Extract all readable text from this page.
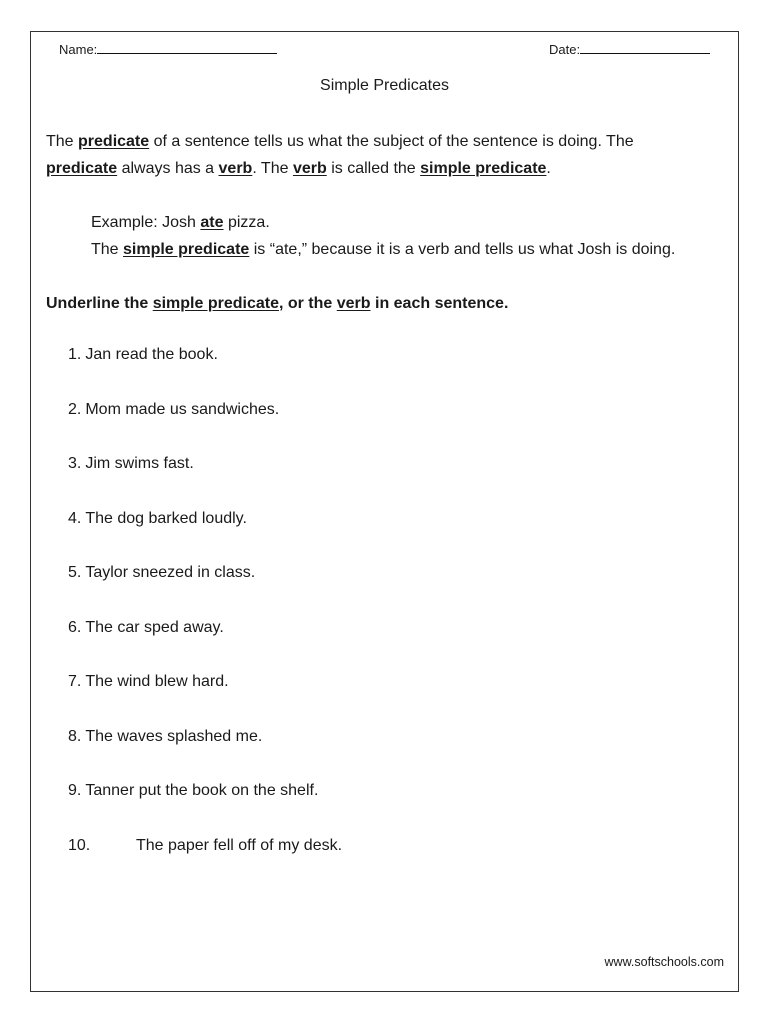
Name:	Date:
Simple Predicates
The predicate of a sentence tells us what the subject of the sentence is doing. The
predicate always has a verb. The verb is called the simple predicate.
Example: Josh ate pizza.
The simple predicate is “ate,” because it is a verb and tells us what Josh is doing.
Underline the simple predicate, or the verb in each sentence.
1. Jan read the book.
2. Mom made us sandwiches.
3. Jim swims fast.
4. The dog barked loudly.
5. Taylor sneezed in class.
6. The car sped away.
7. The wind blew hard.
8. The waves splashed me.
9. Tanner put the book on the shelf.
10.	The paper fell off of my desk.
www.softschools.com
